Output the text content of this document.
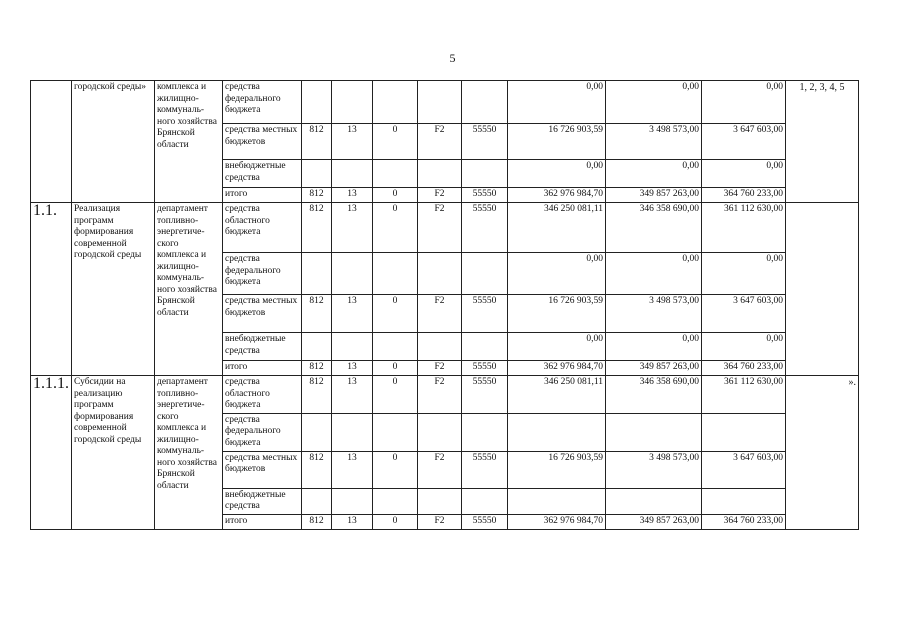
5
	городской среды»	комплекса и жилищно-коммуналь-ного хозяйства Брянской области	средства федерального бюджета						0,00	0,00	0,00	1, 2, 3, 4, 5
			средства местных бюджетов	812	13	0	F2	55550	16 726 903,59	3 498 573,00	3 647 603,00	
			внебюджетные средства						0,00	0,00	0,00	
			итого	812	13	0	F2	55550	362 976 984,70	349 857 263,00	364 760 233,00	
1.1.	Реализация программ формирования современной городской среды	департамент топливно-энергетиче-ского комплекса и жилищно-коммуналь-ного хозяйства Брянской области	средства областного бюджета	812	13	0	F2	55550	346 250 081,11	346 358 690,00	361 112 630,00	
			средства федерального бюджета						0,00	0,00	0,00	
			средства местных бюджетов	812	13	0	F2	55550	16 726 903,59	3 498 573,00	3 647 603,00	
			внебюджетные средства						0,00	0,00	0,00	
			итого	812	13	0	F2	55550	362 976 984,70	349 857 263,00	364 760 233,00	
1.1.1.	Субсидии на реализацию программ формирования современной городской среды	департамент топливно-энергетиче-ского комплекса и жилищно-коммуналь-ного хозяйства Брянской области	средства областного бюджета	812	13	0	F2	55550	346 250 081,11	346 358 690,00	361 112 630,00	».
			средства федерального бюджета									
			средства местных бюджетов	812	13	0	F2	55550	16 726 903,59	3 498 573,00	3 647 603,00	
			внебюджетные средства									
			итого	812	13	0	F2	55550	362 976 984,70	349 857 263,00	364 760 233,00	
